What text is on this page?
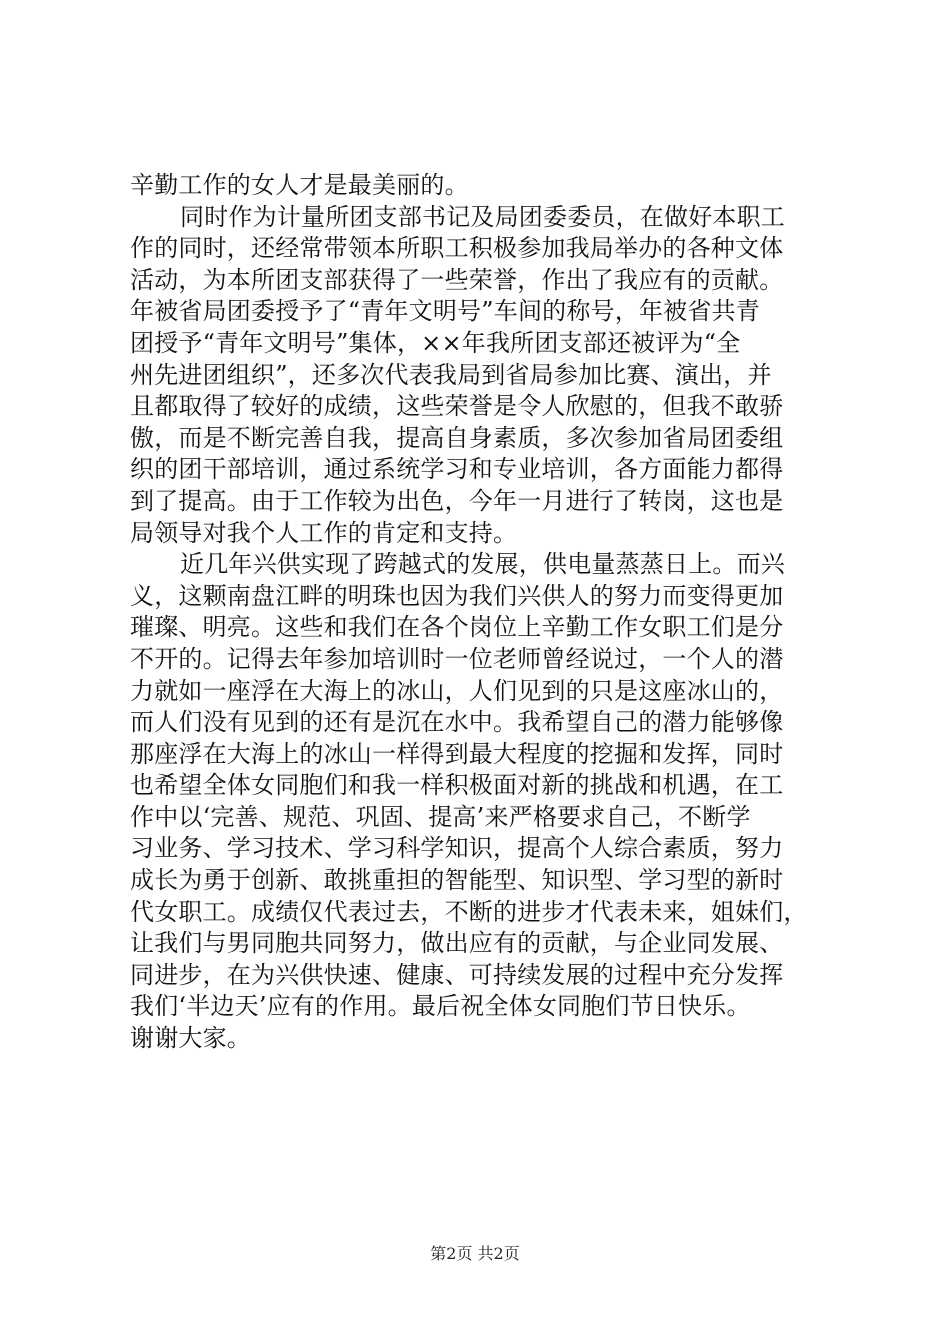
辛勤工作的女人才是最美丽的。
同时作为计量所团支部书记及局团委委员，在做好本职工
作的同时，还经常带领本所职工积极参加我局举办的各种文体
活动，为本所团支部获得了一些荣誉，作出了我应有的贡献。
年被省局团委授予了“青年文明号”车间的称号，年被省共青
团授予“青年文明号”集体，××年我所团支部还被评为“全
州先进团组织”，还多次代表我局到省局参加比赛、演出，并
且都取得了较好的成绩，这些荣誉是令人欣慰的，但我不敢骄
傲，而是不断完善自我，提高自身素质，多次参加省局团委组
织的团干部培训，通过系统学习和专业培训，各方面能力都得
到了提高。由于工作较为出色，今年一月进行了转岗，这也是
局领导对我个人工作的肯定和支持。
近几年兴供实现了跨越式的发展，供电量蒸蒸日上。而兴
义，这颗南盘江畔的明珠也因为我们兴供人的努力而变得更加
璀璨、明亮。这些和我们在各个岗位上辛勤工作女职工们是分
不开的。记得去年参加培训时一位老师曾经说过，一个人的潜
力就如一座浮在大海上的冰山，人们见到的只是这座冰山的，
而人们没有见到的还有是沉在水中。我希望自己的潜力能够像
那座浮在大海上的冰山一样得到最大程度的挖掘和发挥，同时
也希望全体女同胞们和我一样积极面对新的挑战和机遇，在工
作中以‘完善、规范、巩固、提高’来严格要求自己，不断学
习业务、学习技术、学习科学知识，提高个人综合素质，努力
成长为勇于创新、敢挑重担的智能型、知识型、学习型的新时
代女职工。成绩仅代表过去，不断的进步才代表未来，姐妹们，
让我们与男同胞共同努力，做出应有的贡献，与企业同发展、
同进步，在为兴供快速、健康、可持续发展的过程中充分发挥
我们‘半边天’应有的作用。最后祝全体女同胞们节日快乐。
谢谢大家。
第2页 共2页
